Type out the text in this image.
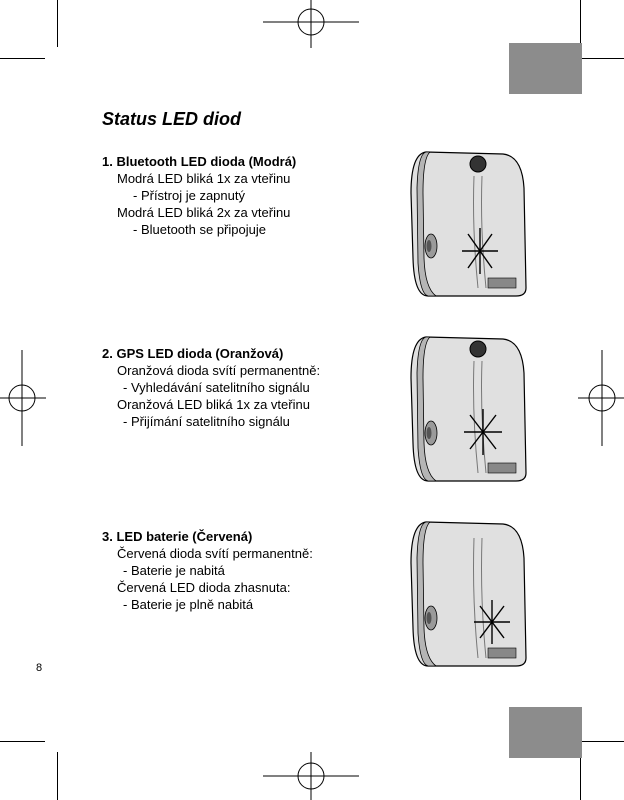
Status LED diod
1. Bluetooth LED dioda (Modrá)
Modrá LED bliká 1x za vteřinu
- Přístroj je zapnutý
Modrá LED bliká 2x za vteřinu
- Bluetooth se připojuje
2. GPS LED dioda (Oranžová)
Oranžová dioda svítí permanentně:
- Vyhledávání satelitního signálu
Oranžová LED bliká 1x za vteřinu
- Přijímání satelitního signálu
3. LED baterie (Červená)
Červená dioda svítí permanentně:
- Baterie je nabitá
Červená LED dioda zhasnuta:
- Baterie je plně nabitá
8
